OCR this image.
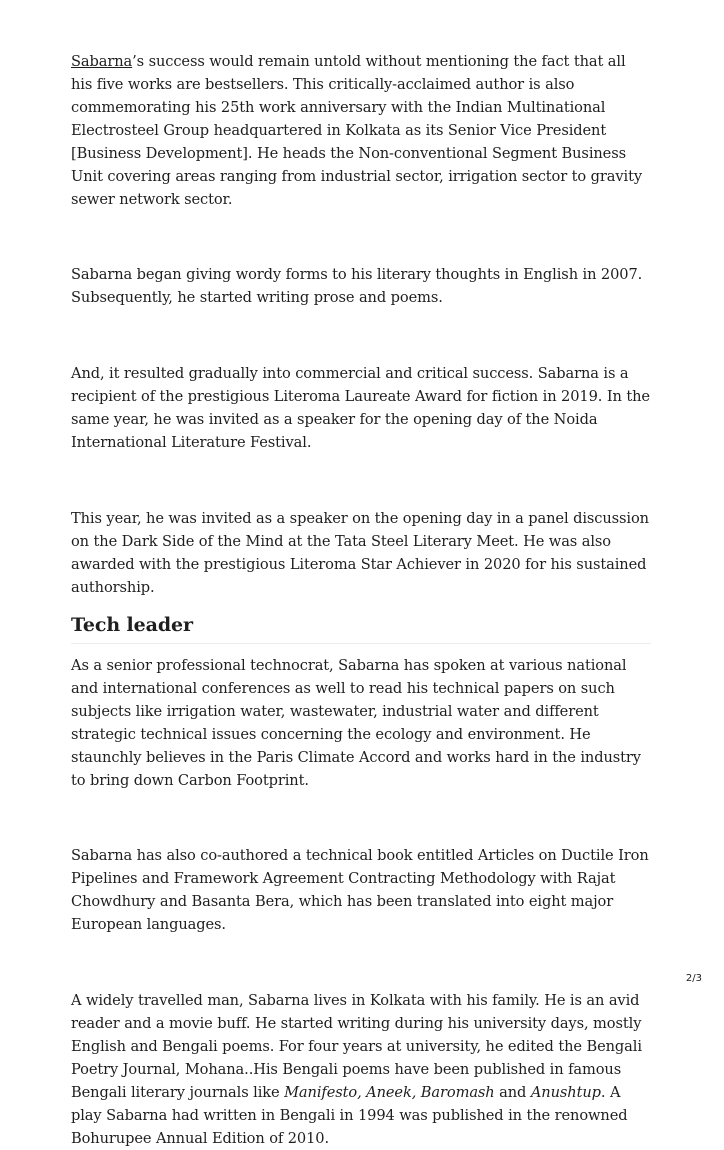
Sabarna’s success would remain untold without mentioning the fact that all his five works are bestsellers. This critically-acclaimed author is also commemorating his 25th work anniversary with the Indian Multinational Electrosteel Group headquartered in Kolkata as its Senior Vice President [Business Development]. He heads the Non-conventional Segment Business Unit covering areas ranging from industrial sector, irrigation sector to gravity sewer network sector.

Sabarna began giving wordy forms to his literary thoughts in English in 2007. Subsequently, he started writing prose and poems.

And, it resulted gradually into commercial and critical success. Sabarna is a recipient of the prestigious Literoma Laureate Award for fiction in 2019. In the same year, he was invited as a speaker for the opening day of the Noida International Literature Festival.

This year, he was invited as a speaker on the opening day in a panel discussion on the Dark Side of the Mind at the Tata Steel Literary Meet. He was also awarded with the prestigious Literoma Star Achiever in 2020 for his sustained authorship.

Tech leader

As a senior professional technocrat, Sabarna has spoken at various national and international conferences as well to read his technical papers on such subjects like irrigation water, wastewater, industrial water and different strategic technical issues concerning the ecology and environment. He staunchly believes in the Paris Climate Accord and works hard in the industry to bring down Carbon Footprint.

Sabarna has also co-authored a technical book entitled Articles on Ductile Iron Pipelines and Framework Agreement Contracting Methodology with Rajat Chowdhury and Basanta Bera, which has been translated into eight major European languages.

A widely travelled man, Sabarna lives in Kolkata with his family. He is an avid reader and a movie buff. He started writing during his university days, mostly English and Bengali poems. For four years at university, he edited the Bengali Poetry Journal, Mohana..His Bengali poems have been published in famous Bengali literary journals like Manifesto, Aneek, Baromash and Anushtup. A play Sabarna had written in Bengali in 1994 was published in the renowned Bohurupee Annual Edition of 2010.

2/3
